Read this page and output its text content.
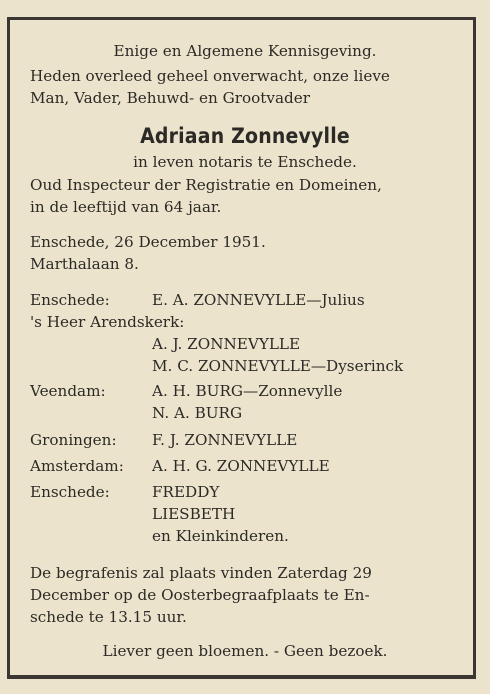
Enige en Algemene Kennisgeving.
Heden overleed geheel onverwacht, onze lieve
Man, Vader, Behuwd- en Grootvader
Adriaan Zonnevylle
in leven notaris te Enschede.
Oud Inspecteur der Registratie en Domeinen,
in de leeftijd van 64 jaar.
Enschede, 26 December 1951.
Marthalaan 8.
Enschede:	E. A. ZONNEVYLLE—Julius
's Heer Arendskerk:
A. J. ZONNEVYLLE
M. C. ZONNEVYLLE—Dyserinck
Veendam:	A. H. BURG—Zonnevylle
N. A. BURG
Groningen: F. J. ZONNEVYLLE
Amsterdam: A. H. G. ZONNEVYLLE
Enschede:	FREDDY
LIESBETH
en Kleinkinderen.
De begrafenis zal plaats vinden Zaterdag 29
December op de Oosterbegraafplaats te En-
schede te 13.15 uur.
Liever geen bloemen. - Geen bezoek.
